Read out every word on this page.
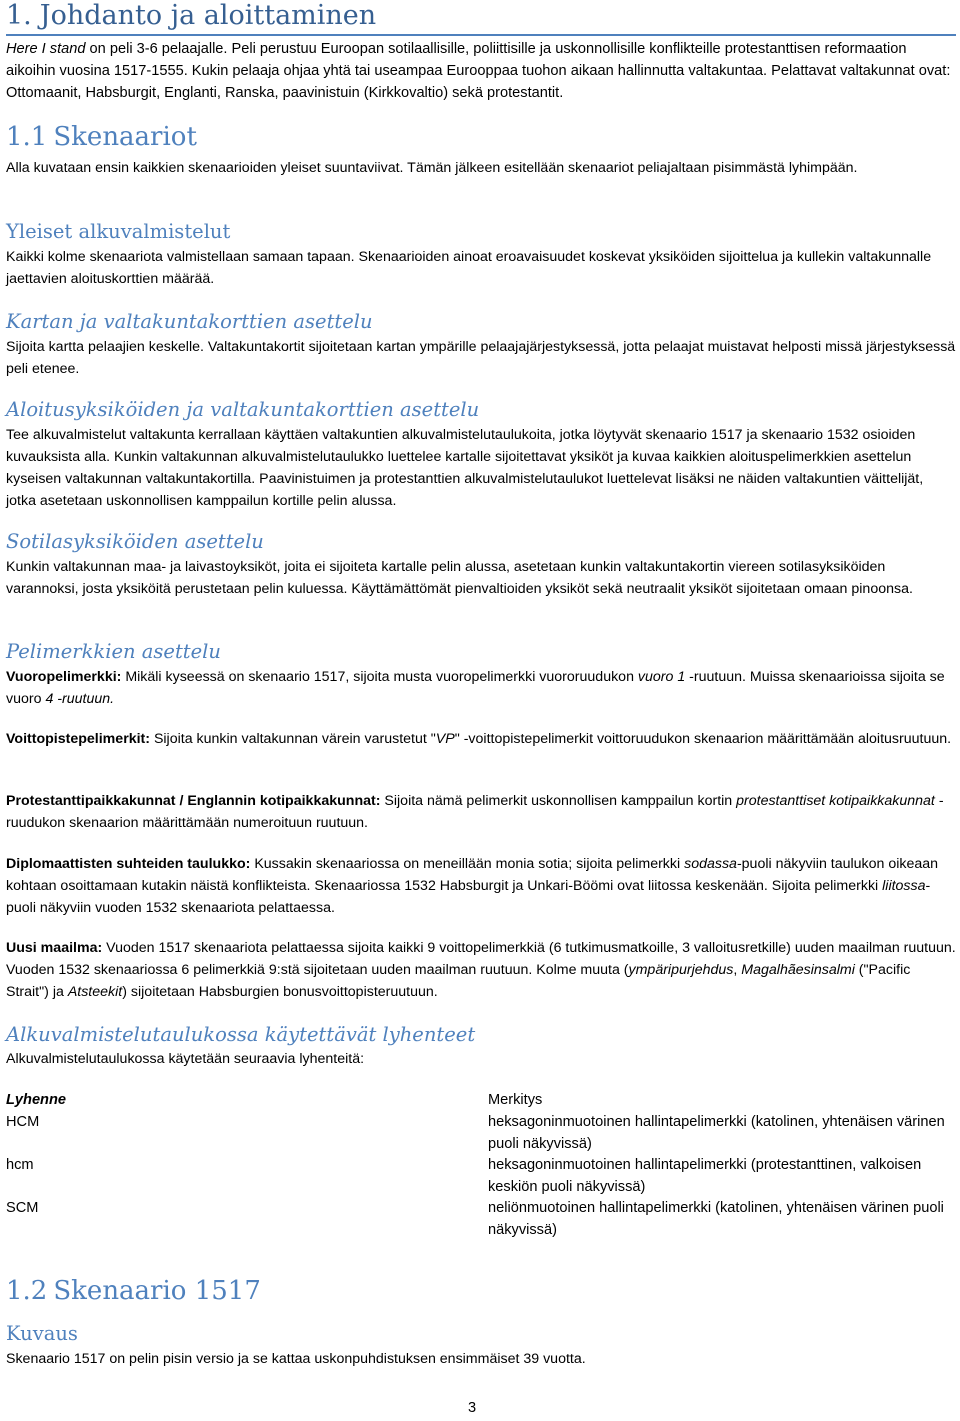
1. Johdanto ja aloittaminen
Here I stand on peli 3-6 pelaajalle. Peli perustuu Euroopan sotilaallisille, poliittisille ja uskonnollisille konflikteille protestanttisen reformaation aikoihin vuosina 1517-1555. Kukin pelaaja ohjaa yhtä tai useampaa Eurooppaa tuohon aikaan hallinnutta valtakuntaa. Pelattavat valtakunnat ovat: Ottomaanit, Habsburgit, Englanti, Ranska, paavinistuin (Kirkkovaltio) sekä protestantit.
1.1 Skenaariot
Alla kuvataan ensin kaikkien skenaarioiden yleiset suuntaviivat. Tämän jälkeen esitellään skenaariot peliajaltaan pisimmästä lyhimpään.
Yleiset alkuvalmistelut
Kaikki kolme skenaariota valmistellaan samaan tapaan. Skenaarioiden ainoat eroavaisuudet koskevat yksiköiden sijoittelua ja kullekin valtakunnalle jaettavien aloituskorttien määrää.
Kartan ja valtakuntakorttien asettelu
Sijoita kartta pelaajien keskelle. Valtakuntakortit sijoitetaan kartan ympärille pelaajajärjestyksessä, jotta pelaajat muistavat helposti missä järjestyksessä peli etenee.
Aloitusyksiköiden ja valtakuntakorttien asettelu
Tee alkuvalmistelut valtakunta kerrallaan käyttäen valtakuntien alkuvalmistelutaulukoita, jotka löytyvät skenaario 1517 ja skenaario 1532 osioiden kuvauksista alla. Kunkin valtakunnan alkuvalmistelutaulukko luettelee kartalle sijoitettavat yksiköt ja kuvaa kaikkien aloituspelimerkkien asettelun kyseisen valtakunnan valtakuntakortilla. Paavinistuimen ja protestanttien alkuvalmistelutaulukot luettelevat lisäksi ne näiden valtakuntien väittelijät, jotka asetetaan uskonnollisen kamppailun kortille pelin alussa.
Sotilasyksiköiden asettelu
Kunkin valtakunnan maa- ja laivastoyksiköt, joita ei sijoiteta kartalle pelin alussa, asetetaan kunkin valtakuntakortin viereen sotilasyksiköiden varannoksi, josta yksiköitä perustetaan pelin kuluessa. Käyttämättömät pienvaltioiden yksiköt sekä neutraalit yksiköt sijoitetaan omaan pinoonsa.
Pelimerkkien asettelu
Vuoropelimerkki: Mikäli kyseessä on skenaario 1517, sijoita musta vuoropelimerkki vuororuudukon vuoro 1 -ruutuun. Muissa skenaarioissa sijoita se vuoro 4 -ruutuun.
Voittopistepelimerkit: Sijoita kunkin valtakunnan värein varustetut "VP" -voittopistepelimerkit voittoruudukon skenaarion määrittämään aloitusruutuun.
Protestanttipaikkakunnat / Englannin kotipaikkakunnat: Sijoita nämä pelimerkit uskonnollisen kamppailun kortin protestanttiset kotipaikkakunnat -ruudukon skenaarion määrittämään numeroituun ruutuun.
Diplomaattisten suhteiden taulukko: Kussakin skenaariossa on meneillään monia sotia; sijoita pelimerkki sodassa-puoli näkyviin taulukon oikeaan kohtaan osoittamaan kutakin näistä konflikteista. Skenaariossa 1532 Habsburgit ja Unkari-Böömi ovat liitossa keskenään. Sijoita pelimerkki liitossa-puoli näkyviin vuoden 1532 skenaariota pelattaessa.
Uusi maailma: Vuoden 1517 skenaariota pelattaessa sijoita kaikki 9 voittopelimerkkiä (6 tutkimusmatkoille, 3 valloitusretkille) uuden maailman ruutuun. Vuoden 1532 skenaariossa 6 pelimerkkiä 9:stä sijoitetaan uuden maailman ruutuun. Kolme muuta (ympäripurjehdus, Magalhãesinsalmi ("Pacific Strait") ja Atsteekit) sijoitetaan Habsburgien bonusvoittopisteruutuun.
Alkuvalmistelutaulukossa käytettävät lyhenteet
Alkuvalmistelutaulukossa käytetään seuraavia lyhenteitä:
Lyhenne	Merkitys
HCM	heksagoninmuotoinen hallintapelimerkki (katolinen, yhtenäisen värinen puoli näkyvissä)
hcm	heksagoninmuotoinen hallintapelimerkki (protestanttinen, valkoisen keskiön puoli näkyvissä)
SCM	neliönmuotoinen hallintapelimerkki (katolinen, yhtenäisen värinen puoli näkyvissä)
1.2 Skenaario 1517
Kuvaus
Skenaario 1517 on pelin pisin versio ja se kattaa uskonpuhdistuksen ensimmäiset 39 vuotta.
3
